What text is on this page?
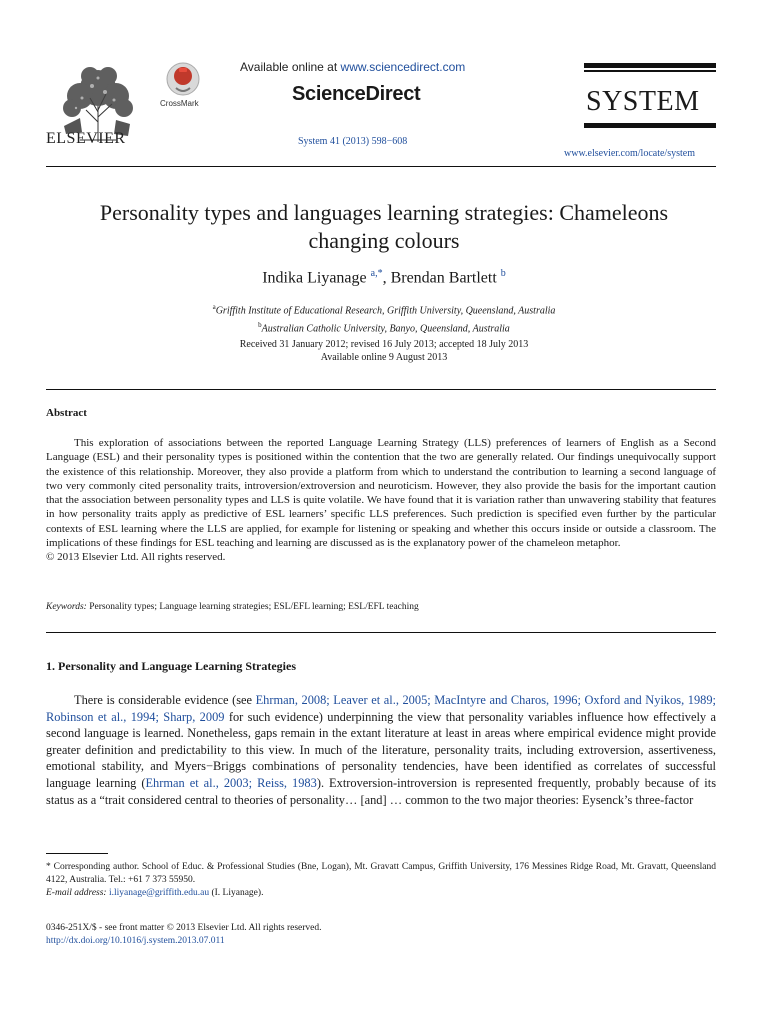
ELSEVIER
CrossMark
Available online at www.sciencedirect.com
ScienceDirect
System 41 (2013) 598−608
SYSTEM
www.elsevier.com/locate/system
Personality types and languages learning strategies: Chameleons
changing colours
Indika Liyanage $^{a,*}$, Brendan Bartlett $^b$
$^a$Griffith Institute of Educational Research, Griffith University, Queensland, Australia
$^b$Australian Catholic University, Banyo, Queensland, Australia
Received 31 January 2012; revised 16 July 2013; accepted 18 July 2013
Available online 9 August 2013
Abstract
This exploration of associations between the reported Language Learning Strategy (LLS) preferences of learners of English as a Second Language (ESL) and their personality types is positioned within the contention that the two are generally related. Our findings unequivocally support the existence of this relationship. Moreover, they also provide a platform from which to understand the contribution to learning a second language of two very commonly cited personality traits, introversion/extroversion and neuroticism. However, they also provide the basis for the important caution that the association between personality types and LLS is quite volatile. We have found that it is variation rather than unwavering stability that features in how personality traits apply as predictive of ESL learners’ specific LLS preferences. Such prediction is specified even further by the particular contexts of ESL learning where the LLS are applied, for example for listening or speaking and whether this occurs inside or outside a classroom. The implications of these findings for ESL teaching and learning are discussed as is the explanatory power of the chameleon metaphor.
© 2013 Elsevier Ltd. All rights reserved.
Keywords: Personality types; Language learning strategies; ESL/EFL learning; ESL/EFL teaching
1. Personality and Language Learning Strategies
There is considerable evidence (see Ehrman, 2008; Leaver et al., 2005; MacIntyre and Charos, 1996; Oxford and Nyikos, 1989; Robinson et al., 1994; Sharp, 2009 for such evidence) underpinning the view that personality variables influence how effectively a second language is learned. Nonetheless, gaps remain in the extant literature at least in areas where empirical evidence might provide greater definition and predictability to this view. In much of the literature, personality traits, including extroversion, assertiveness, emotional stability, and Myers−Briggs combinations of personality tendencies, have been identified as correlates of successful language learning (Ehrman et al., 2003; Reiss, 1983). Extroversion-introversion is represented frequently, probably because of its status as a “trait considered central to theories of personality… [and] … common to the two major theories: Eysenck’s three-factor
* Corresponding author. School of Educ. & Professional Studies (Bne, Logan), Mt. Gravatt Campus, Griffith University, 176 Messines Ridge Road, Mt. Gravatt, Queensland 4122, Australia. Tel.: +61 7 373 55950.
E-mail address: i.liyanage@griffith.edu.au (I. Liyanage).
0346-251X/$ - see front matter © 2013 Elsevier Ltd. All rights reserved.
http://dx.doi.org/10.1016/j.system.2013.07.011
